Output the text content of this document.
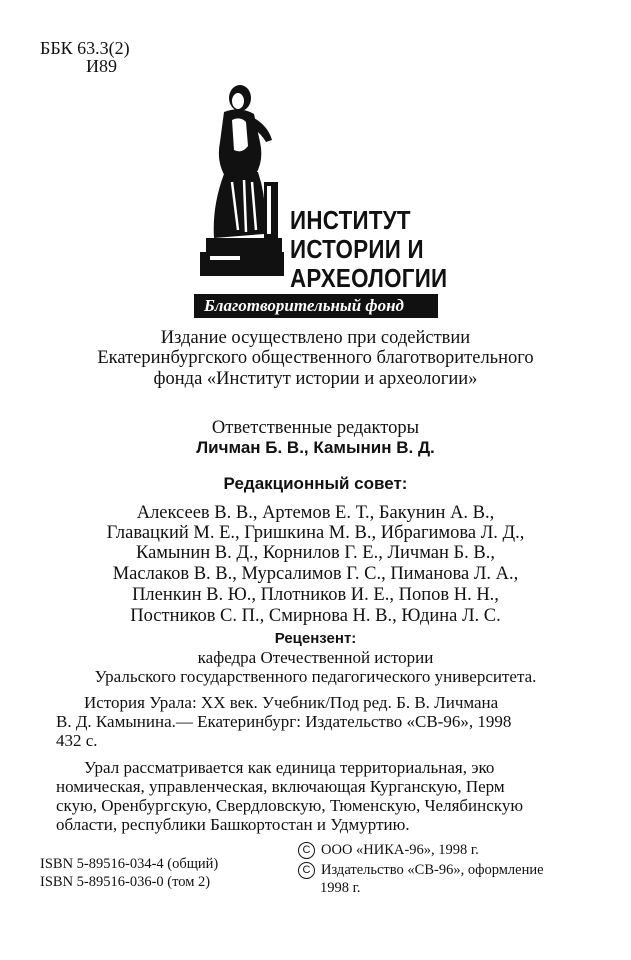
ББК 63.3(2)
И89
ИНСТИТУТ
ИСТОРИИ И
АРХЕОЛОГИИ
Благотворительный фонд
Издание осуществлено при содействии
Екатеринбургского общественного благотворительного
фонда «Институт истории и археологии»
Ответственные редакторы
Личман Б. В., Камынин В. Д.
Редакционный совет:
Алексеев В. В., Артемов Е. Т., Бакунин А. В.,
Главацкий М. Е., Гришкина М. В., Ибрагимова Л. Д.,
Камынин В. Д., Корнилов Г. Е., Личман Б. В.,
Маслаков В. В., Мурсалимов Г. С., Пиманова Л. А.,
Пленкин В. Ю., Плотников И. Е., Попов Н. Н.,
Постников С. П., Смирнова Н. В., Юдина Л. С.
Рецензент:
кафедра Отечественной истории
Уральского государственного педагогического университета.
История Урала: XX век. Учебник/Под ред. Б. В. Личмана
В. Д. Камынина.— Екатеринбург: Издательство «СВ-96», 1998
432 с.
Урал рассматривается как единица территориальная, эко
номическая, управленческая, включающая Курганскую, Перм
скую, Оренбургскую, Свердловскую, Тюменскую, Челябинскую
области, республики Башкортостан и Удмуртию.
ISBN 5-89516-034-4 (общий)
ISBN 5-89516-036-0 (том 2)
C ООО «НИКА-96», 1998 г.
C Издательство «СВ-96», оформление
1998 г.
